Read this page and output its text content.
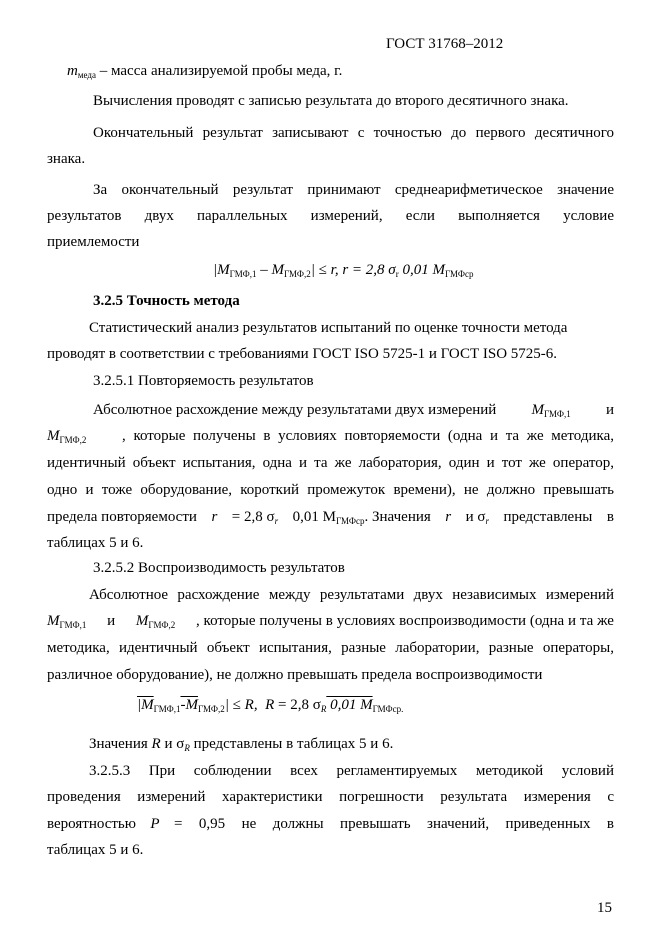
ГОСТ 31768–2012
$m_{меда}$ – масса анализируемой пробы меда, г.
Вычисления проводят с записью результата до второго десятичного знака.
Окончательный результат записывают с точностью до первого десятичного
знака.
За окончательный результат принимают среднеарифметическое значение
результатов двух параллельных измерений, если выполняется условие
приемлемости
$|M_{ГМФ,1} - M_{ГМФ,2}| \le r$, r = 2,8 $\sigma_r$ 0,01 $M_{ГМФср}$
3.2.5 Точность метода
Статистический анализ результатов испытаний по оценке точности метода
проводят в соответствии с требованиями ГОСТ ISO 5725-1 и ГОСТ ISO 5725-6.
3.2.5.1 Повторяемость результатов
Абсолютное расхождение между результатами двух измерений $M_{ГМФ,1}$ и
$M_{ГМФ,2}$ , которые получены в условиях повторяемости (одна и та же методика,
идентичный объект испытания, одна и та же лаборатория, один и тот же оператор,
одно и тоже оборудование, короткий промежуток времени), не должно превышать
предела повторяемости r = 2,8 $\sigma_r$ 0,01 $M_{ГМФср}$. Значения r и $\sigma_r$ представлены в
таблицах 5 и 6.
3.2.5.2 Воспроизводимость результатов
Абсолютное расхождение между результатами двух независимых измерений
$M_{ГМФ,1}$ и $M_{ГМФ,2}$ , которые получены в условиях воспроизводимости (одна и та же
методика, идентичный объект испытания, разные лаборатории, разные операторы,
различное оборудование), не должно превышать предела воспроизводимости
$|M_{ГМФ,1}-M_{ГМФ,2}| \le R$, R = 2,8 $\sigma_R$ 0,01 $M_{ГМФср.}$
Значения R и $\sigma_R$ представлены в таблицах 5 и 6.
3.2.5.3 При соблюдении всех регламентируемых методикой условий
проведения измерений характеристики погрешности результата измерения с
вероятностью P = 0,95 не должны превышать значений, приведенных в
таблицах 5 и 6.
15
